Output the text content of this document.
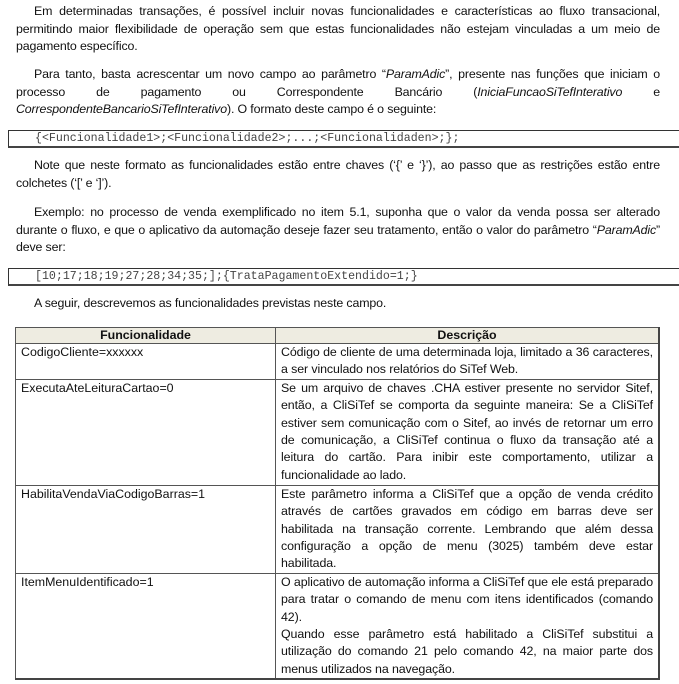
Em determinadas transações, é possível incluir novas funcionalidades e características ao fluxo transacional, permitindo maior flexibilidade de operação sem que estas funcionalidades não estejam vinculadas a um meio de pagamento específico.
Para tanto, basta acrescentar um novo campo ao parâmetro “ParamAdic”, presente nas funções que iniciam o processo de pagamento ou Correspondente Bancário (IniciaFuncaoSiTefInterativo e CorrespondenteBancarioSiTefInterativo). O formato deste campo é o seguinte:
{<Funcionalidade1>;<Funcionalidade2>;...;<Funcionalidaden>;};
Note que neste formato as funcionalidades estão entre chaves (‘{’ e ‘}’), ao passo que as restrições estão entre colchetes (‘[’ e ‘]’).
Exemplo: no processo de venda exemplificado no item 5.1, suponha que o valor da venda possa ser alterado durante o fluxo, e que o aplicativo da automação deseje fazer seu tratamento, então o valor do parâmetro “ParamAdic” deve ser:
[10;17;18;19;27;28;34;35;];{TrataPagamentoExtendido=1;}
A seguir, descrevemos as funcionalidades previstas neste campo.
Funcionalidade	Descrição
CodigoCliente=xxxxxx	Código de cliente de uma determinada loja, limitado a 36 caracteres, a ser vinculado nos relatórios do SiTef Web.

ExecutaAteLeituraCartao=0	Se um arquivo de chaves .CHA estiver presente no servidor Sitef, então, a CliSiTef se comporta da seguinte maneira: Se a CliSiTef estiver sem comunicação com o Sitef, ao invés de retornar um erro de comunicação, a CliSiTef continua o fluxo da transação até a leitura do cartão. Para inibir este comportamento, utilizar a funcionalidade ao lado.

HabilitaVendaViaCodigoBarras=1	Este parâmetro informa a CliSiTef que a opção de venda crédito através de cartões gravados em código em barras deve ser habilitada na transação corrente. Lembrando que além dessa configuração a opção de menu (3025) também deve estar habilitada.

ItemMenuIdentificado=1	O aplicativo de automação informa a CliSiTef que ele está preparado para tratar o comando de menu com itens identificados (comando 42).
Quando esse parâmetro está habilitado a CliSiTef substitui a utilização do comando 21 pelo comando 42, na maior parte dos menus utilizados na navegação.
